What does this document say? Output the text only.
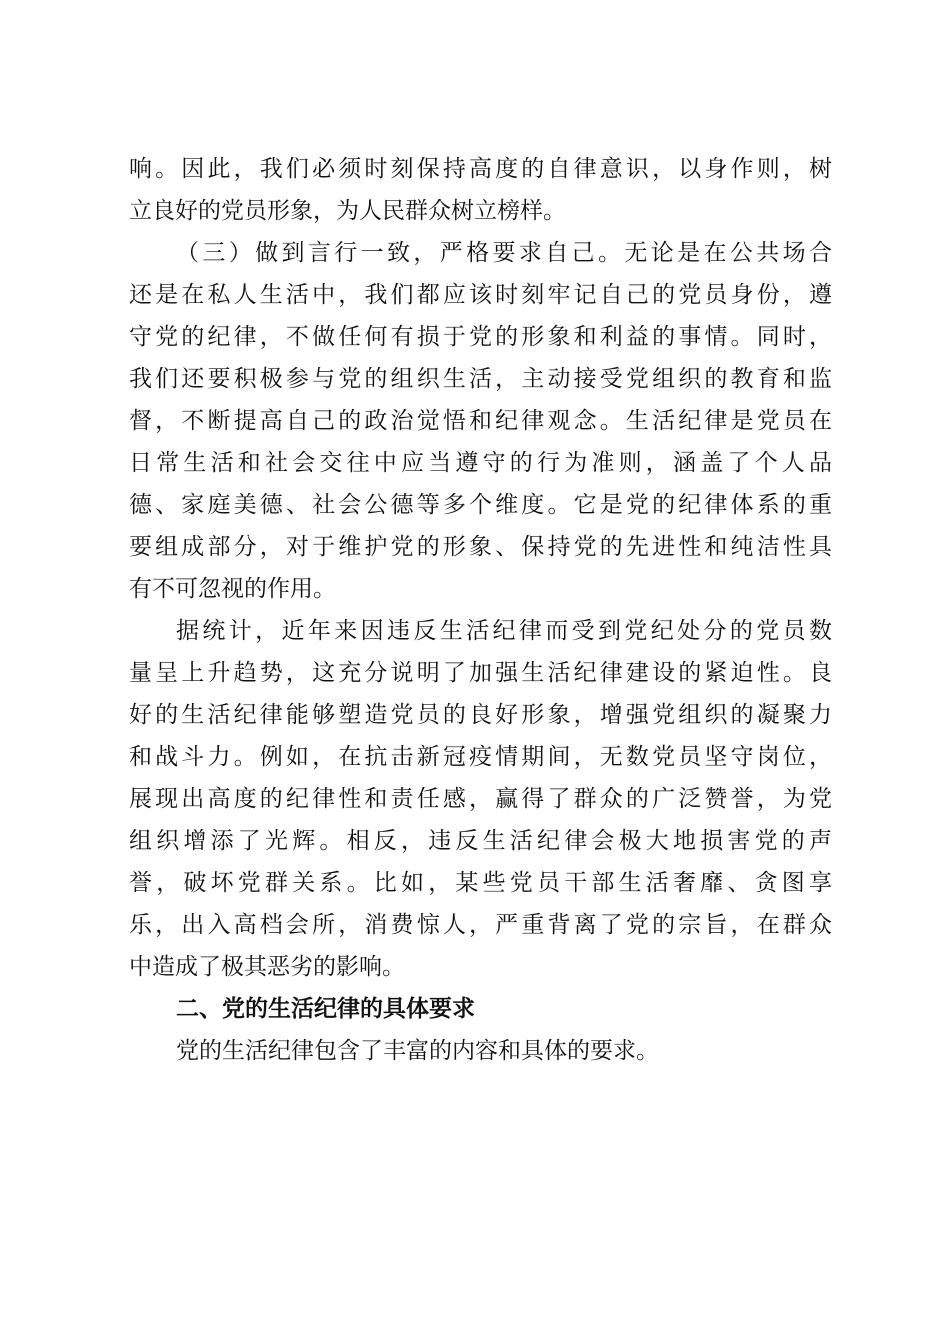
响。因此，我们必须时刻保持高度的自律意识，以身作则，树
立良好的党员形象，为人民群众树立榜样。
（三）做到言行一致，严格要求自己。无论是在公共场合
还是在私人生活中，我们都应该时刻牢记自己的党员身份，遵
守党的纪律，不做任何有损于党的形象和利益的事情。同时，
我们还要积极参与党的组织生活，主动接受党组织的教育和监
督，不断提高自己的政治觉悟和纪律观念。生活纪律是党员在
日常生活和社会交往中应当遵守的行为准则，涵盖了个人品
德、家庭美德、社会公德等多个维度。它是党的纪律体系的重
要组成部分，对于维护党的形象、保持党的先进性和纯洁性具
有不可忽视的作用。
据统计，近年来因违反生活纪律而受到党纪处分的党员数
量呈上升趋势，这充分说明了加强生活纪律建设的紧迫性。良
好的生活纪律能够塑造党员的良好形象，增强党组织的凝聚力
和战斗力。例如，在抗击新冠疫情期间，无数党员坚守岗位，
展现出高度的纪律性和责任感，赢得了群众的广泛赞誉，为党
组织增添了光辉。相反，违反生活纪律会极大地损害党的声
誉，破坏党群关系。比如，某些党员干部生活奢靡、贪图享
乐，出入高档会所，消费惊人，严重背离了党的宗旨，在群众
中造成了极其恶劣的影响。
二、党的生活纪律的具体要求
党的生活纪律包含了丰富的内容和具体的要求。
